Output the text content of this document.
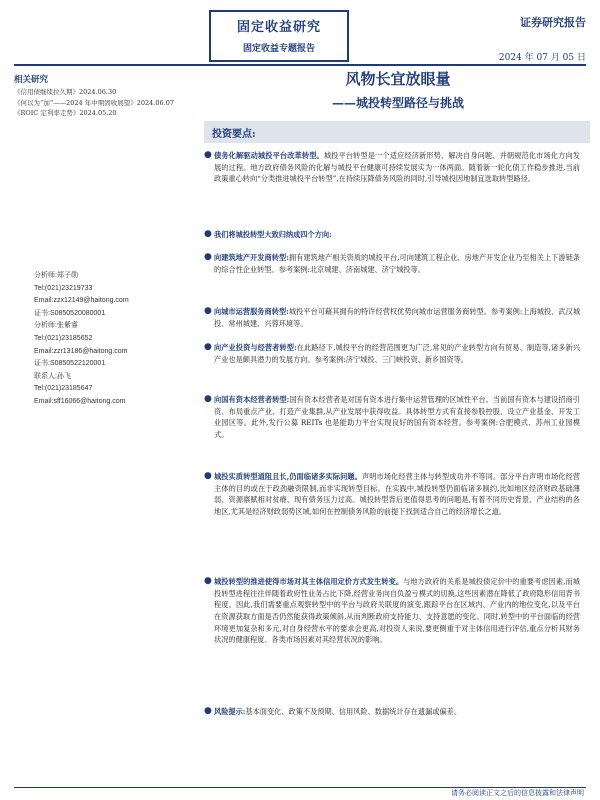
固定收益研究
固定收益专题报告
证券研究报告
2024 年 07 月 05 日
相关研究
《信用债继续拉久期》2024.06.30
《何以为“加”——2024 年中期固收展望》2024.06.07
《ROIC 定利率走势》2024.05.20
分析师:郑子勋
Tel:(021)23219733
Email:zzx12149@haitong.com
证书:S0850520080001
分析师:张紫睿
Tel:(021)23185652
Email:zzr13186@haitong.com
证书:S0850522120001
联系人:孙飞
Tel:(021)23185647
Email:sff16066@haitong.com
风物长宜放眼量
——城投转型路径与挑战
投资要点:
● 债务化解驱动城投平台改革转型。城投平台转型是一个适应经济新形势、解决自身问题、并朝规范化市场化方向发展的过程。地方政府债务风险的化解与城投平台健康可持续发展实为一体两面。随着新一轮化债工作稳步推进,当前政策重心转向“分类推进城投平台转型”,在持续压降债务风险的同时,引导城投因地制宜选取转型路径。
● 我们将城投转型大致归纳成四个方向:
● 向建筑地产开发商转型:拥有建筑地产相关资质的城投平台,可向建筑工程企业、房地产开发企业乃至相关上下游链条的综合性企业转型。参考案例:北京城建、济南城建、济宁城投等。
● 向城市运营服务商转型:城投平台可藉其拥有的特许经营权优势向城市运营服务商转型。参考案例:上海城投、武汉城投、常州城建、兴蓉环境等。
● 向产业投资与经营者转型:在此路径下,城投平台的经营范围更为广泛,常见的产业转型方向有贸易、制造等,诸多新兴产业也是颇具潜力的发展方向。参考案例:济宁城投、三门峡投资、新乡国资等。
● 向国有资本经营者转型:国有资本经营者是对国有资本进行集中运营管理的区域性平台。当前国有资本与建设招商引资、布局重点产业、打造产业集群,从产业发展中获得收益。具体转型方式有直接参股控股、设立产业基金、开发工业园区等。此外,发行公募 REITs 也是能助力平台实现良好的国有资本经营。参考案例:合肥模式、苏州工业园模式。
● 城投实质转型道阻且长,仍面临诸多实际问题。声明市场化经营主体与转型成功并不等同。部分平台声明市场化经营主体的目的或在于政劲融资限制,而非实现转型目标。在实践中,城投转型仍面临诸多制约,比如地区经济财政基础薄弱、资源禀赋相对贫瘠、现有债务压力过高。城投转型背后更值得思考的问题是,有着不同历史背景、产业结构的各地区,尤其是经济财政弱势区域,如何在控制债务风险的前提下找到适合自己的经济增长之道。
● 城投转型的推进使得市场对其主体信用定价方式发生转变。与地方政府的关系是城投债定价中的重要考虑因素,而城投转型进程往往伴随着政府性业务占比下降,经营业务向自负盈亏模式的切换,这些因素潜在降低了政府隐形信用背书程度。因此,我们需要重点观察转型中的平台与政府关联度的演变,跟踪平台在区域内、产业内的地位变化,以及平台在资源获取方面是否仍然能获得政策倾斜,从而判断政府支持能力、支持意愿的变化。同时,转型中的平台面临的经营环境更加复杂和多元,对自身经营水平的要求会更高,对投资人来说,要更侧重于对主体信用进行评估,重点分析其财务状况的健康程度、各类市场因素对其经营状况的影响。
● 风险提示:基本面变化、政策不及预期、信用风险、数据统计存在遗漏或偏差。
请务必阅读正文之后的信息披露和法律声明
